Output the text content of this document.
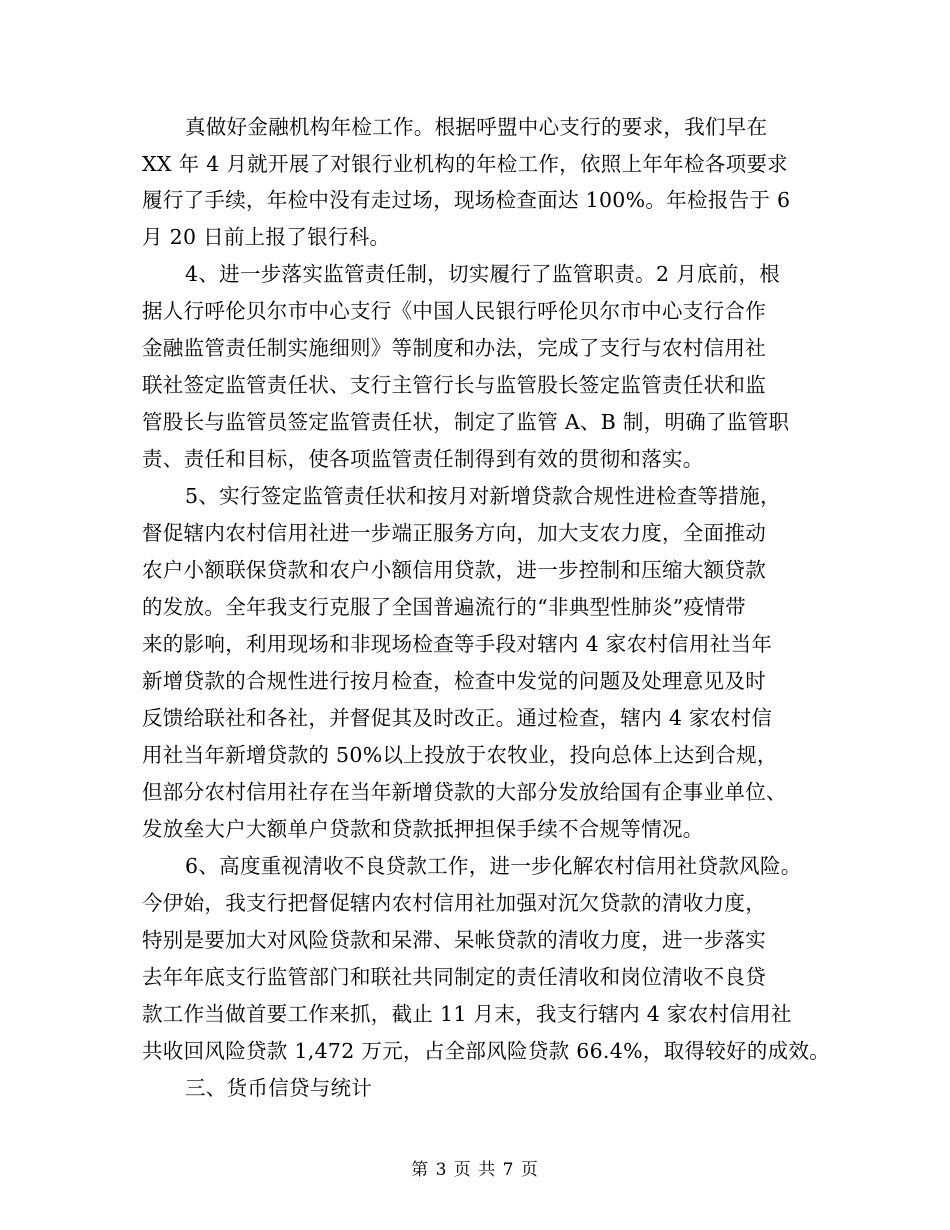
真做好金融机构年检工作。根据呼盟中心支行的要求，我们早在
XX 年 4 月就开展了对银行业机构的年检工作，依照上年年检各项要求
履行了手续，年检中没有走过场，现场检查面达 100%。年检报告于 6
月 20 日前上报了银行科。
4、进一步落实监管责任制，切实履行了监管职责。2 月底前，根
据人行呼伦贝尔市中心支行《中国人民银行呼伦贝尔市中心支行合作
金融监管责任制实施细则》等制度和办法，完成了支行与农村信用社
联社签定监管责任状、支行主管行长与监管股长签定监管责任状和监
管股长与监管员签定监管责任状，制定了监管 A、B 制，明确了监管职
责、责任和目标，使各项监管责任制得到有效的贯彻和落实。
5、实行签定监管责任状和按月对新增贷款合规性进检查等措施，
督促辖内农村信用社进一步端正服务方向，加大支农力度，全面推动
农户小额联保贷款和农户小额信用贷款，进一步控制和压缩大额贷款
的发放。全年我支行克服了全国普遍流行的“非典型性肺炎”疫情带
来的影响，利用现场和非现场检查等手段对辖内 4 家农村信用社当年
新增贷款的合规性进行按月检查，检查中发觉的问题及处理意见及时
反馈给联社和各社，并督促其及时改正。通过检查，辖内 4 家农村信
用社当年新增贷款的 50%以上投放于农牧业，投向总体上达到合规，
但部分农村信用社存在当年新增贷款的大部分发放给国有企事业单位、
发放垒大户大额单户贷款和贷款抵押担保手续不合规等情况。
6、高度重视清收不良贷款工作，进一步化解农村信用社贷款风险。
今伊始，我支行把督促辖内农村信用社加强对沉欠贷款的清收力度，
特别是要加大对风险贷款和呆滞、呆帐贷款的清收力度，进一步落实
去年年底支行监管部门和联社共同制定的责任清收和岗位清收不良贷
款工作当做首要工作来抓，截止 11 月末，我支行辖内 4 家农村信用社
共收回风险贷款 1,472 万元，占全部风险贷款 66.4%，取得较好的成效。
三、货币信贷与统计
第 3 页 共 7 页
